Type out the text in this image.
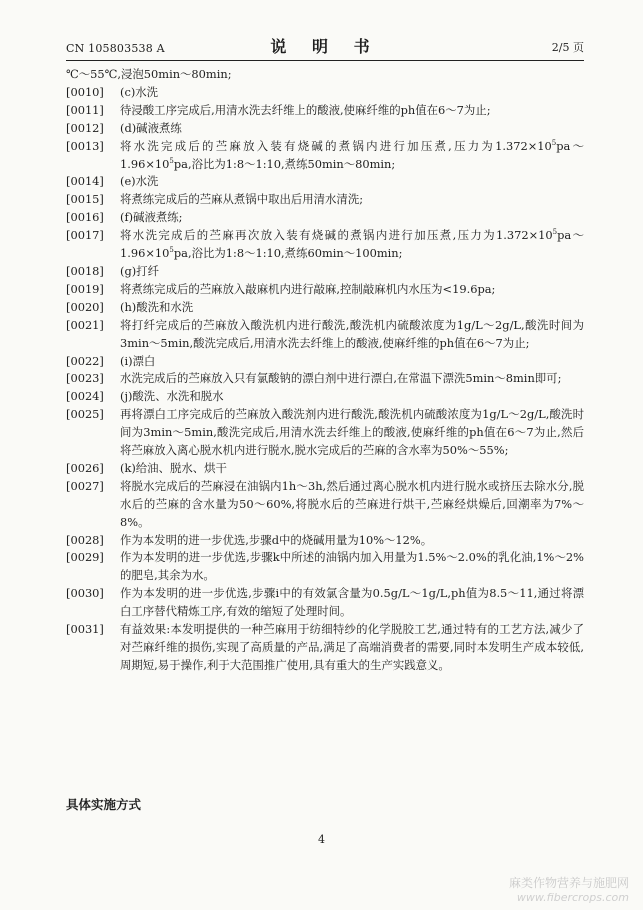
CN 105803538 A	说 明 书	2/5 页

℃～55℃,浸泡50min～80min;

[0010]	(c)水洗
[0011]	待浸酸工序完成后,用清水洗去纤维上的酸液,使麻纤维的ph值在6～7为止;
[0012]	(d)碱液煮练
[0013]	将水洗完成后的苎麻放入装有烧碱的煮锅内进行加压煮,压力为$1.372\times 10^5pa\sim 1.96\times 10^5pa$,浴比为1:8～1:10,煮练50min～80min;
[0014]	(e)水洗
[0015]	将煮练完成后的苎麻从煮锅中取出后用清水清洗;
[0016]	(f)碱液煮练;
[0017]	将水洗完成后的苎麻再次放入装有烧碱的煮锅内进行加压煮,压力为$1.372\times 10^5pa\sim 1.96\times 10^5pa$,浴比为1:8～1:10,煮练60min～100min;
[0018]	(g)打纤
[0019]	将煮练完成后的苎麻放入敲麻机内进行敲麻,控制敲麻机内水压为<19.6pa;
[0020]	(h)酸洗和水洗
[0021]	将打纤完成后的苎麻放入酸洗机内进行酸洗,酸洗机内硫酸浓度为1g/L～2g/L,酸洗时间为3min～5min,酸洗完成后,用清水洗去纤维上的酸液,使麻纤维的ph值在6～7为止;
[0022]	(i)漂白
[0023]	水洗完成后的苎麻放入只有氯酸钠的漂白剂中进行漂白,在常温下漂洗5min～8min即可;
[0024]	(j)酸洗、水洗和脱水
[0025]	再将漂白工序完成后的苎麻放入酸洗剂内进行酸洗,酸洗机内硫酸浓度为1g/L～2g/L,酸洗时间为3min～5min,酸洗完成后,用清水洗去纤维上的酸液,使麻纤维的ph值在6～7为止,然后将苎麻放入离心脱水机内进行脱水,脱水完成后的苎麻的含水率为50%～55%;
[0026]	(k)给油、脱水、烘干
[0027]	将脱水完成后的苎麻浸在油锅内1h～3h,然后通过离心脱水机内进行脱水或挤压去除水分,脱水后的苎麻的含水量为50～60%,将脱水后的苎麻进行烘干,苎麻经烘燥后,回潮率为7%～8%。
[0028]	作为本发明的进一步优选,步骤d中的烧碱用量为10%～12%。
[0029]	作为本发明的进一步优选,步骤k中所述的油锅内加入用量为1.5%～2.0%的乳化油,1%～2%的肥皂,其余为水。
[0030]	作为本发明的进一步优选,步骤i中的有效氯含量为0.5g/L～1g/L,ph值为8.5～11,通过将漂白工序替代精炼工序,有效的缩短了处理时间。
[0031]	有益效果:本发明提供的一种苎麻用于纺细特纱的化学脱胶工艺,通过特有的工艺方法,减少了对苎麻纤维的损伤,实现了高质量的产品,满足了高端消费者的需要,同时本发明生产成本较低,周期短,易于操作,利于大范围推广使用,具有重大的生产实践意义。
具体实施方式
4
麻类作物营养与施肥网
www.fibercrops.com
